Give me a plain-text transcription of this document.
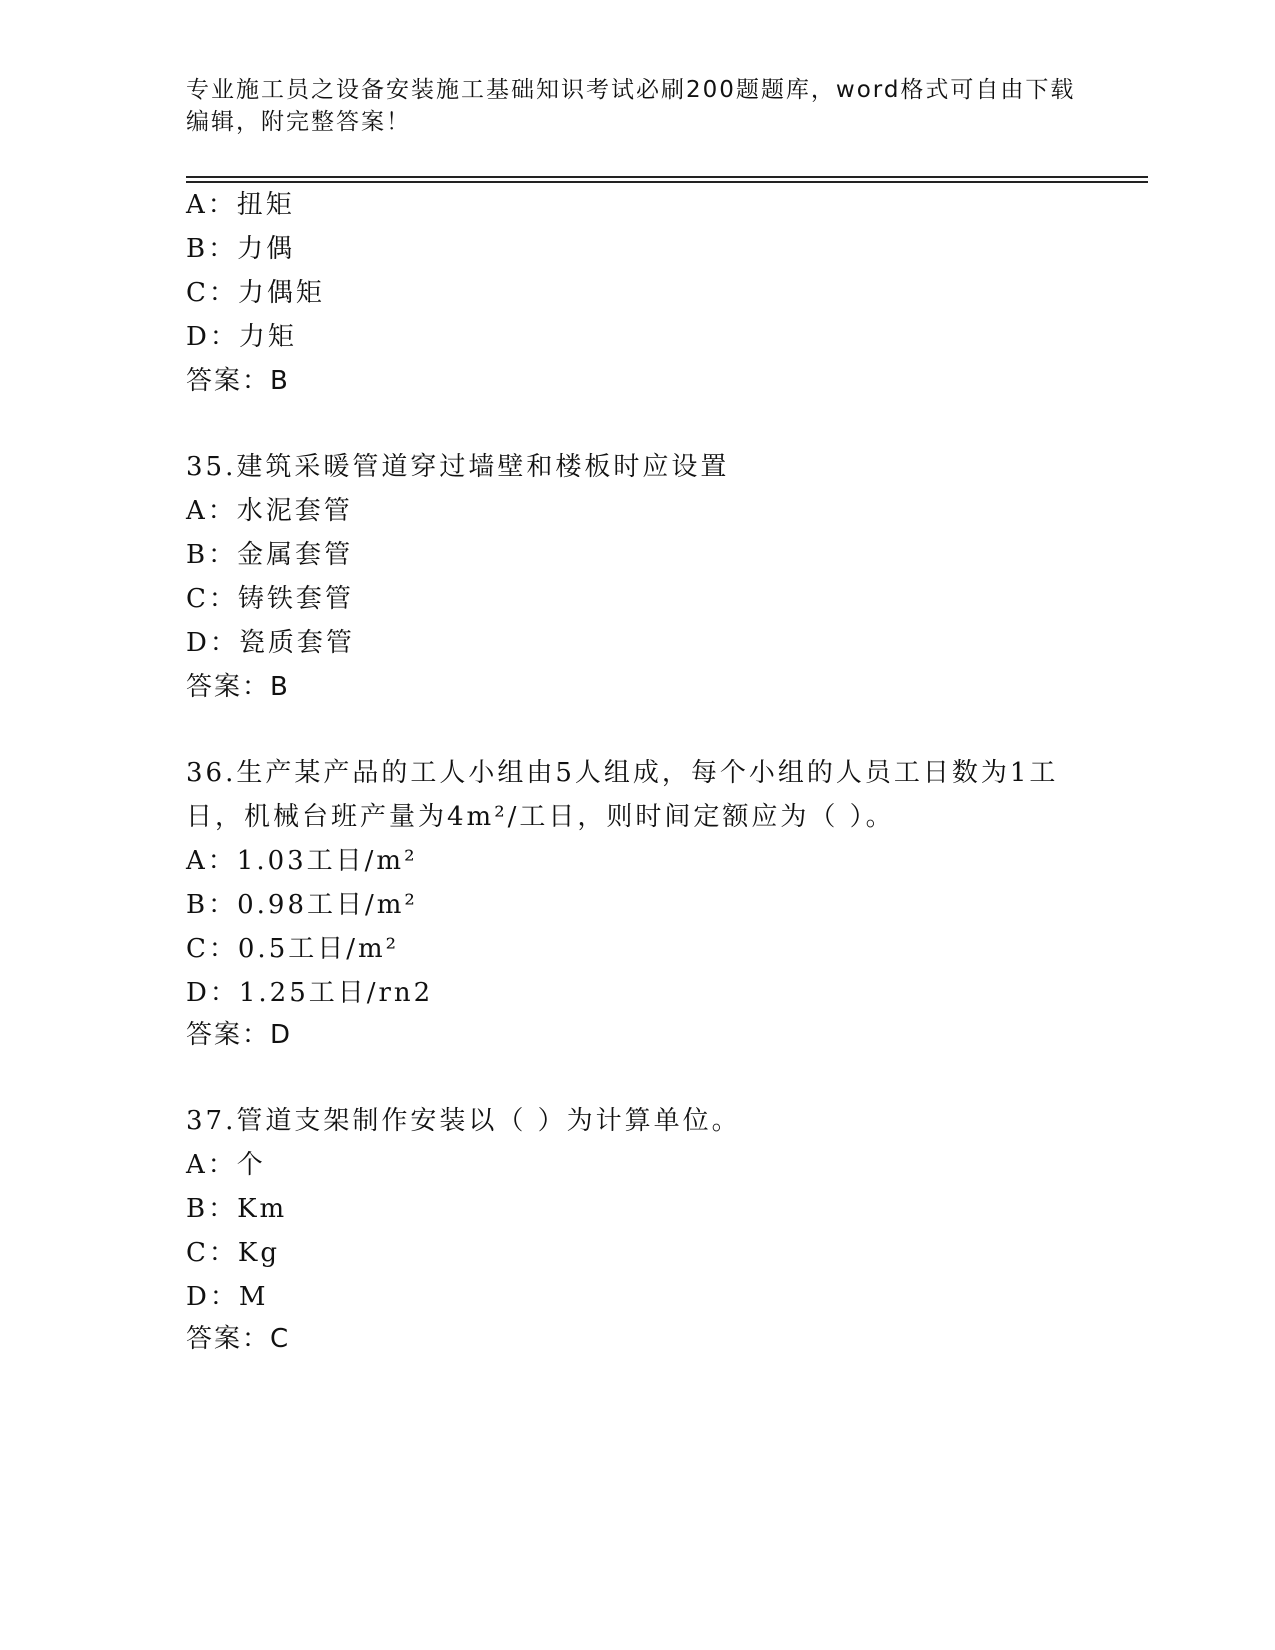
专业施工员之设备安装施工基础知识考试必刷200题题库，word格式可自由下载
编辑，附完整答案！
A：扭矩
B：力偶
C：力偶矩
D：力矩
答案：B
35.建筑采暖管道穿过墙壁和楼板时应设置
A：水泥套管
B：金属套管
C：铸铁套管
D：瓷质套管
答案：B
36.生产某产品的工人小组由5人组成，每个小组的人员工日数为1工
日，机械台班产量为4m²/工日，则时间定额应为（ ）。
A：1.03工日/m²
B：0.98工日/m²
C：0.5工日/m²
D：1.25工日/rn2
答案：D
37.管道支架制作安装以（ ）为计算单位。
A：个
B：Km
C：Kg
D：M
答案：C
